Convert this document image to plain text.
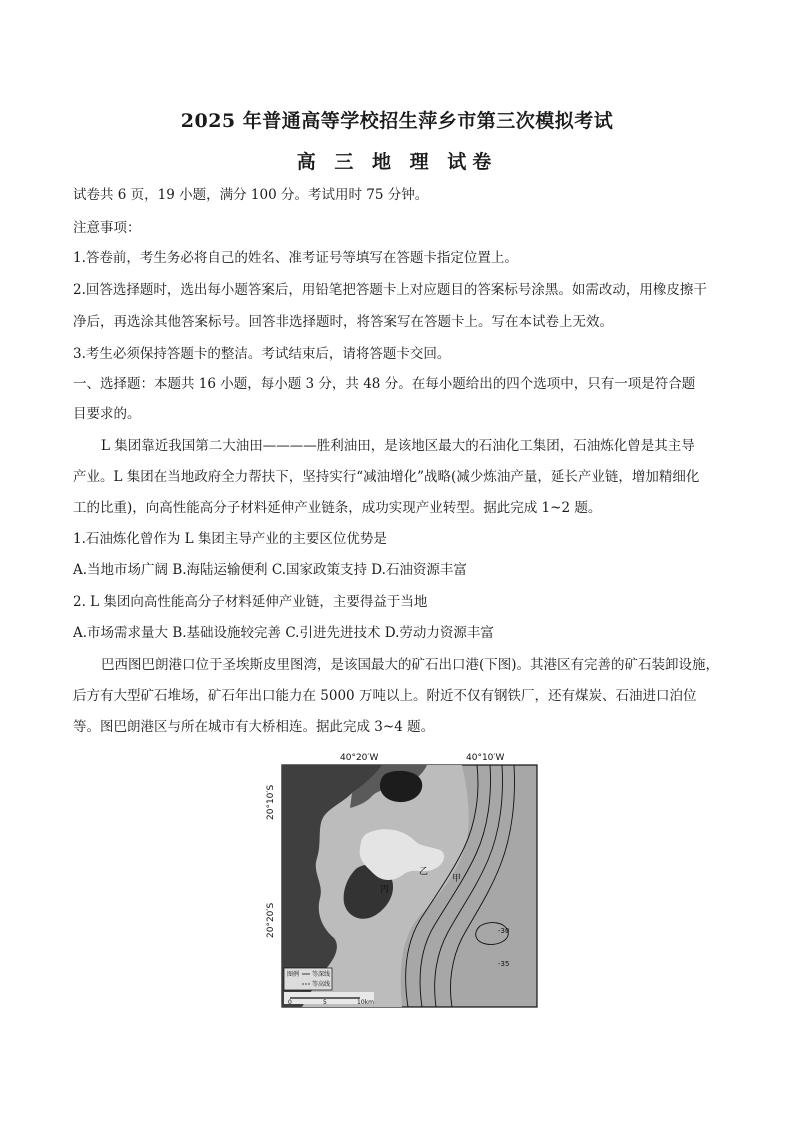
2025 年普通高等学校招生萍乡市第三次模拟考试
高 三 地 理 试卷
试卷共 6 页，19 小题，满分 100 分。考试用时 75 分钟。
注意事项：
1.答卷前，考生务必将自己的姓名、准考证号等填写在答题卡指定位置上。
2.回答选择题时，选出每小题答案后，用铅笔把答题卡上对应题目的答案标号涂黑。如需改动，用橡皮擦干
净后，再选涂其他答案标号。回答非选择题时，将答案写在答题卡上。写在本试卷上无效。
3.考生必须保持答题卡的整洁。考试结束后，请将答题卡交回。
一、选择题：本题共 16 小题，每小题 3 分，共 48 分。在每小题给出的四个选项中，只有一项是符合题
目要求的。
L 集团靠近我国第二大油田————胜利油田，是该地区最大的石油化工集团，石油炼化曾是其主导
产业。L 集团在当地政府全力帮扶下，坚持实行“减油增化”战略(减少炼油产量，延长产业链，增加精细化
工的比重)，向高性能高分子材料延伸产业链条，成功实现产业转型。据此完成 1~2 题。
1.石油炼化曾作为 L 集团主导产业的主要区位优势是
A.当地市场广阔 B.海陆运输便利 C.国家政策支持 D.石油资源丰富
2. L 集团向高性能高分子材料延伸产业链，主要得益于当地
A.市场需求量大 B.基础设施较完善 C.引进先进技术 D.劳动力资源丰富
巴西图巴朗港口位于圣埃斯皮里图湾，是该国最大的矿石出口港(下图)。其港区有完善的矿石装卸设施，
后方有大型矿石堆场，矿石年出口能力在 5000 万吨以上。附近不仅有钢铁厂，还有煤炭、石油进口泊位
等。图巴朗港区与所在城市有大桥相连。据此完成 3~4 题。
40°20′W	40°10′W
20°10′S
20°20′S
甲
乙
丙
-30
-35
图例 等深线
等高线
0	5	10km
